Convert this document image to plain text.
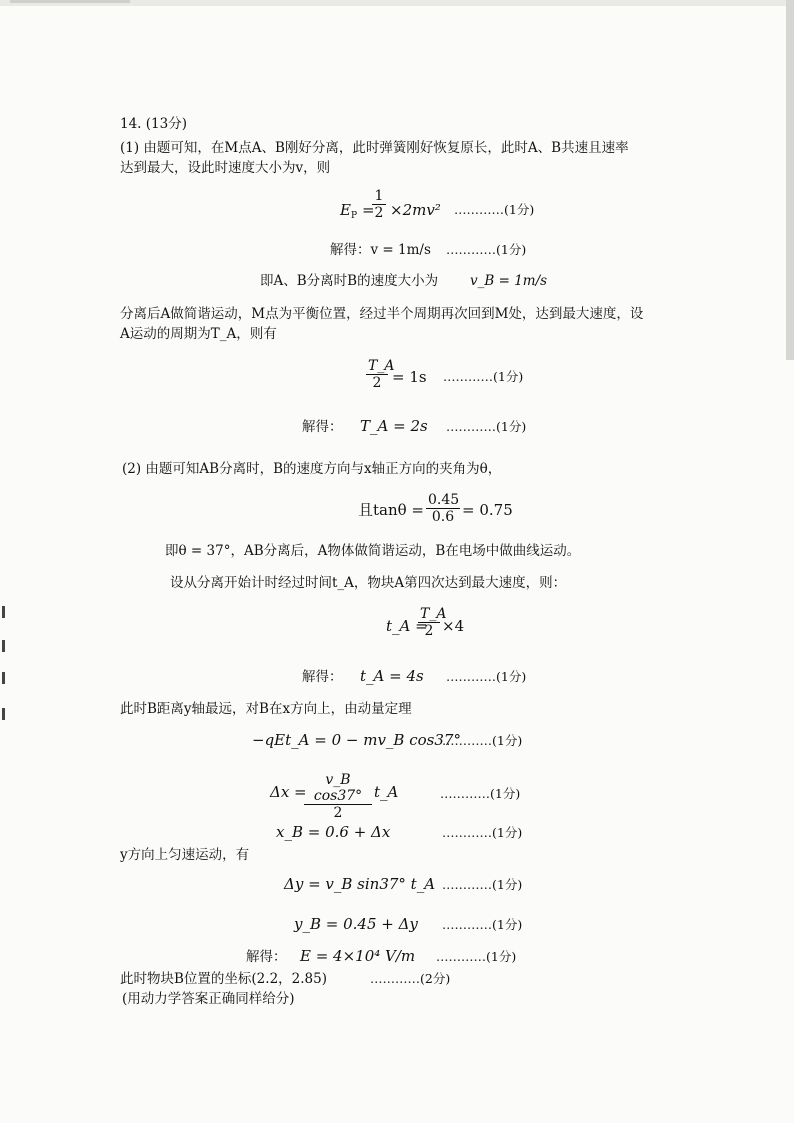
14. (13分)
(1) 由题可知，在M点A、B刚好分离，此时弹簧刚好恢复原长，此时A、B共速且速率
达到最大，设此时速度大小为v，则
$E_P$ =
$\frac{1}{2} \times 2mv^2$ …………(1分)
解得：v = 1m/s …………(1分)
即A、B分离时B的速度大小为 v_B = 1m/s
分离后A做简谐运动，M点为平衡位置，经过半个周期再次回到M处，达到最大速度，设
A运动的周期为T_A，则有
$\frac{T\_A}{2} = 1s$ …………(1分)
解得： T_A = 2s …………(1分)
(2) 由题可知AB分离时，B的速度方向与x轴正方向的夹角为θ，
且$\tan\theta = \frac{0.45}{0.6} = 0.75$
即θ = 37°，AB分离后，A物体做简谐运动，B在电场中做曲线运动。
设从分离开始计时经过时间t_A，物块A第四次达到最大速度，则：
t_A =
$\frac{T\_A}{2} \times 4$
解得： t_A = 4s …………(1分)
此时B距离y轴最远，对B在x方向上，由动量定理
−qEt_A = 0 − mv_B cos37°
…………(1分)
Δx =
$\frac{\text{v\_B cos37°}}{2}$ t_A	…………(1分)
x_B = 0.6 + Δx	…………(1分)
y方向上匀速运动，有
Δy = v_B sin37° t_A …………(1分)
y_B = 0.45 + Δy …………(1分)
解得： E = 4×10⁴ V/m …………(1分)
此时物块B位置的坐标(2.2，2.85)	…………(2分)
(用动力学答案正确同样给分)
